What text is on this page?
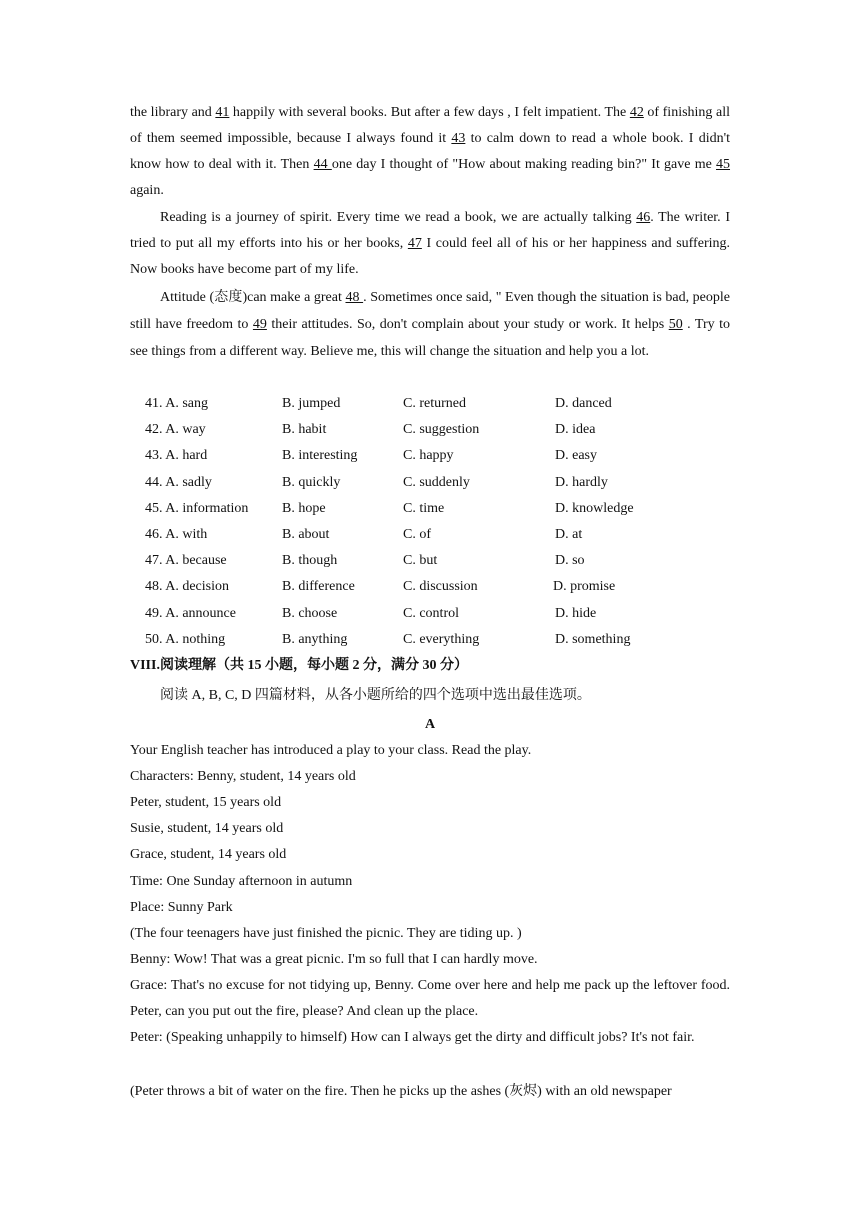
the library and 41 happily with several books. But after a few days , I felt impatient. The 42 of finishing all of them seemed impossible, because I always found it 43 to calm down to read a whole book. I didn't know how to deal with it. Then 44 one day I thought of "How about making reading bin?" It gave me 45 again.

Reading is a journey of spirit. Every time we read a book, we are actually talking 46. The writer. I tried to put all my efforts into his or her books, 47 I could feel all of his or her happiness and suffering. Now books have become part of my life.

Attitude (态度)can make a great 48 . Sometimes once said, " Even though the situation is bad, people still have freedom to 49 their attitudes. So, don't complain about your study or work. It helps 50 . Try to see things from a different way. Believe me, this will change the situation and help you a lot.

41. A. sang	B. jumped	C. returned	D. danced
42. A. way	B. habit	C. suggestion	D. idea
43. A. hard	B. interesting	C. happy	D. easy
44. A. sadly	B. quickly	C. suddenly	D. hardly
45. A. information B. hope	C. time	D. knowledge
46. A. with	B. about	C. of	D. at
47. A. because	B. though	C. but	D. so
48. A. decision	B. difference	C. discussion	D. promise
49. A. announce	B. choose	C. control	D. hide
50. A. nothing	B. anything	C. everything	D. something

VIII.阅读理解（共 15 小题，每小题 2 分，满分 30 分）

阅读 A, B, C, D 四篇材料，从各小题所给的四个选项中选出最佳选项。

A

Your English teacher has introduced a play to your class. Read the play.

Characters: Benny, student, 14 years old

Peter, student, 15 years old

Susie, student, 14 years old

Grace, student, 14 years old

Time: One Sunday afternoon in autumn

Place: Sunny Park

(The four teenagers have just finished the picnic. They are tiding up. )

Benny: Wow! That was a great picnic. I'm so full that I can hardly move.

Grace: That's no excuse for not tidying up, Benny. Come over here and help me pack up the leftover food. Peter, can you put out the fire, please? And clean up the place.

Peter: (Speaking unhappily to himself) How can I always get the dirty and difficult jobs? It's not fair.

(Peter throws a bit of water on the fire. Then he picks up the ashes (灰烬) with an old newspaper
